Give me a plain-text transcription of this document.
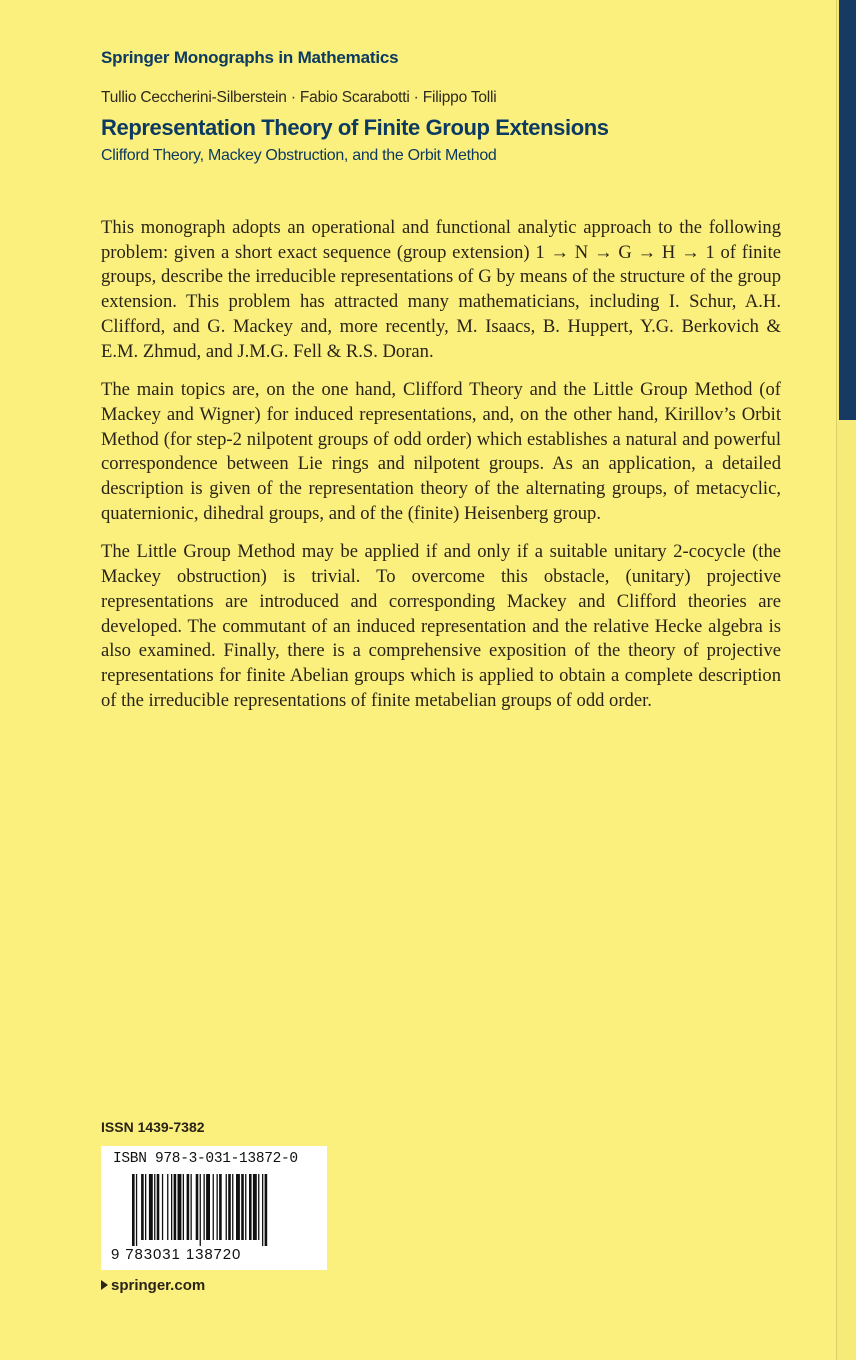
Springer Monographs in Mathematics
Tullio Ceccherini-Silberstein · Fabio Scarabotti · Filippo Tolli
Representation Theory of Finite Group Extensions
Clifford Theory, Mackey Obstruction, and the Orbit Method

This monograph adopts an operational and functional analytic approach to the following problem: given a short exact sequence (group extension) 1 → N → G → H → 1 of finite groups, describe the irreducible representations of G by means of the structure of the group extension. This problem has attracted many mathematicians, including I. Schur, A.H. Clifford, and G. Mackey and, more recently, M. Isaacs, B. Huppert, Y.G. Berkovich & E.M. Zhmud, and J.M.G. Fell & R.S. Doran.

The main topics are, on the one hand, Clifford Theory and the Little Group Method (of Mackey and Wigner) for induced representations, and, on the other hand, Kirillov’s Orbit Method (for step-2 nilpotent groups of odd order) which establishes a natural and powerful correspondence between Lie rings and nilpotent groups. As an application, a detailed description is given of the representation theory of the alternating groups, of metacyclic, quaternionic, dihedral groups, and of the (finite) Heisenberg group.

The Little Group Method may be applied if and only if a suitable unitary 2-cocycle (the Mackey obstruction) is trivial. To overcome this obstacle, (unitary) projective representations are introduced and corresponding Mackey and Clifford theories are developed. The commutant of an induced representation and the relative Hecke algebra is also examined. Finally, there is a comprehensive exposition of the theory of projective representations for finite Abelian groups which is applied to obtain a complete description of the irreducible representations of finite metabelian groups of odd order.

ISSN 1439-7382
ISBN 978-3-031-13872-0
9 783031 138720
springer.com
